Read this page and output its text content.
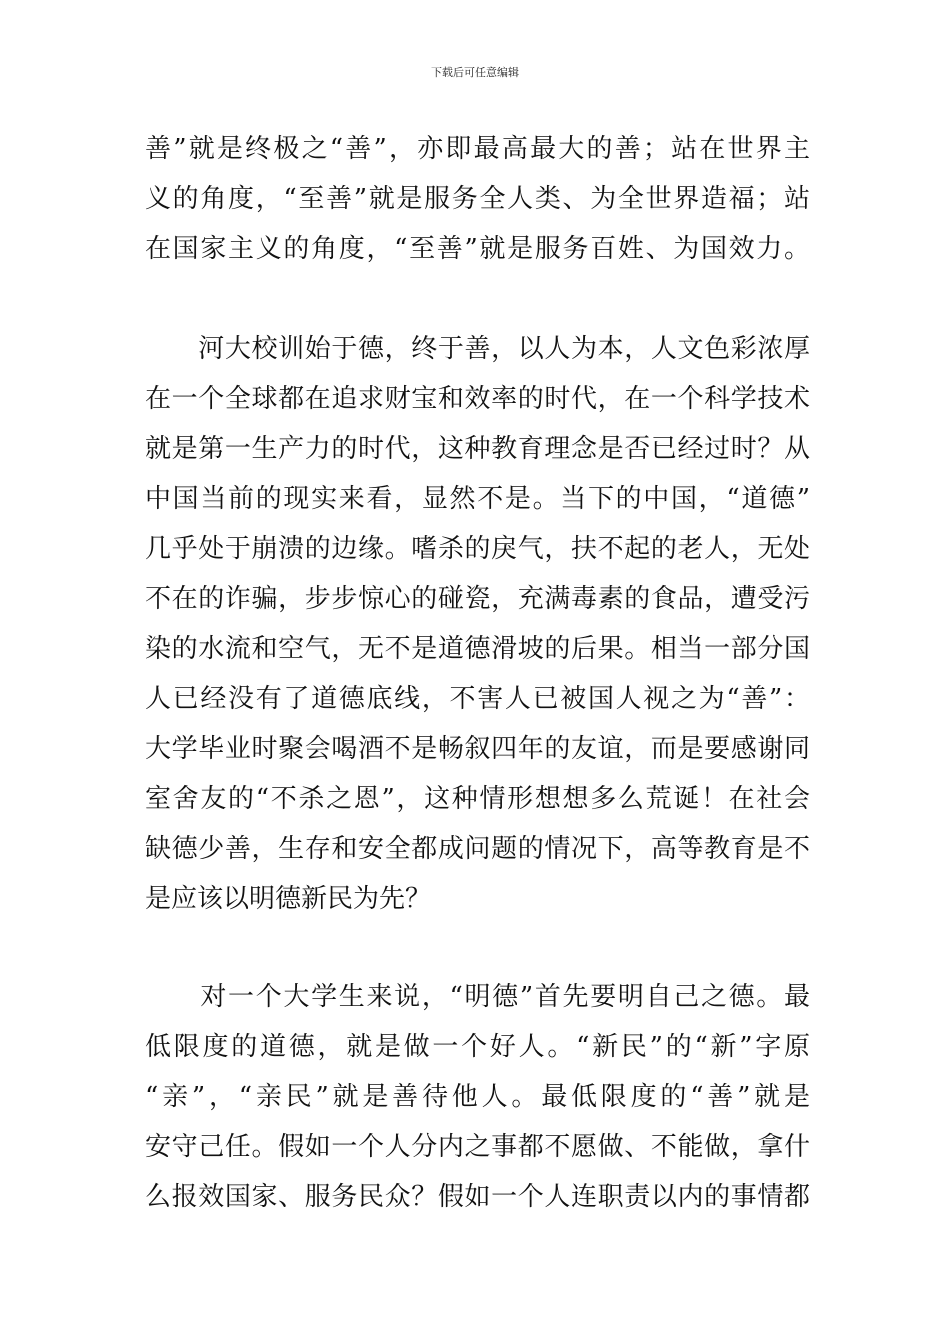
下载后可任意编辑
善”就是终极之“善”，亦即最高最大的善；站在世界主
义的角度，“至善”就是服务全人类、为全世界造福；站
在国家主义的角度，“至善”就是服务百姓、为国效力。
　　河大校训始于德，终于善，以人为本，人文色彩浓厚
在一个全球都在追求财宝和效率的时代，在一个科学技术
就是第一生产力的时代，这种教育理念是否已经过时？从
中国当前的现实来看，显然不是。当下的中国，“道德”
几乎处于崩溃的边缘。嗜杀的戾气，扶不起的老人，无处
不在的诈骗，步步惊心的碰瓷，充满毒素的食品，遭受污
染的水流和空气，无不是道德滑坡的后果。相当一部分国
人已经没有了道德底线，不害人已被国人视之为“善”：
大学毕业时聚会喝酒不是畅叙四年的友谊，而是要感谢同
室舍友的“不杀之恩”，这种情形想想多么荒诞！在社会
缺德少善，生存和安全都成问题的情况下，高等教育是不
是应该以明德新民为先？
　　对一个大学生来说，“明德”首先要明自己之德。最
低限度的道德，就是做一个好人。“新民”的“新”字原
“亲”，“亲民”就是善待他人。最低限度的“善”就是
安守己任。假如一个人分内之事都不愿做、不能做，拿什
么报效国家、服务民众？假如一个人连职责以内的事情都
